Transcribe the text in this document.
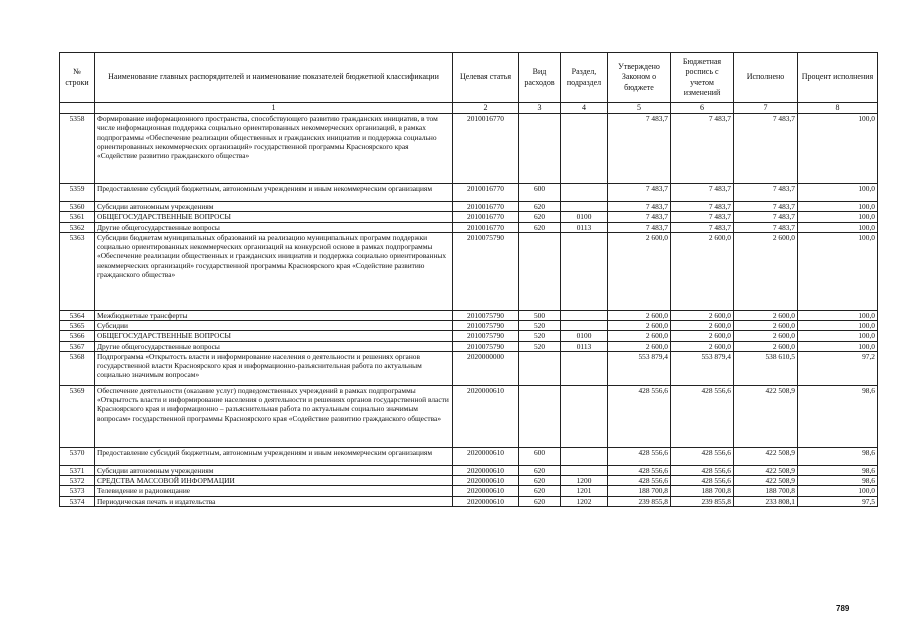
№ строки	Наименование главных распорядителей и наименование показателей бюджетной классификации	Целевая статья	Вид расходов	Раздел, подраздел	Утверждено Законом о бюджете	Бюджетная роспись с учетом изменений	Исполнено	Процент исполнения
	1	2	3	4	5	6	7	8
5358	Формирование информационного пространства, способствующего развитию гражданских инициатив, в том числе информационная поддержка социально ориентированных некоммерческих организаций, в рамках подпрограммы «Обеспечение реализации общественных и гражданских инициатив и поддержка социально ориентированных некоммерческих организаций» государственной программы Красноярского края «Содействие развитию гражданского общества»	2010016770			7 483,7	7 483,7	7 483,7	100,0
5359	Предоставление субсидий бюджетным, автономным учреждениям и иным некоммерческим организациям	2010016770	600		7 483,7	7 483,7	7 483,7	100,0
5360	Субсидии автономным учреждениям	2010016770	620		7 483,7	7 483,7	7 483,7	100,0
5361	ОБЩЕГОСУДАРСТВЕННЫЕ ВОПРОСЫ	2010016770	620	0100	7 483,7	7 483,7	7 483,7	100,0
5362	Другие общегосударственные вопросы	2010016770	620	0113	7 483,7	7 483,7	7 483,7	100,0
5363	Субсидии бюджетам муниципальных образований на реализацию муниципальных программ поддержки социально ориентированных некоммерческих организаций на конкурсной основе в рамках подпрограммы «Обеспечение реализации общественных и гражданских инициатив и поддержка социально ориентированных некоммерческих организаций» государственной программы Красноярского края «Содействие развитию гражданского общества»	2010075790			2 600,0	2 600,0	2 600,0	100,0
5364	Межбюджетные трансферты	2010075790	500		2 600,0	2 600,0	2 600,0	100,0
5365	Субсидии	2010075790	520		2 600,0	2 600,0	2 600,0	100,0
5366	ОБЩЕГОСУДАРСТВЕННЫЕ ВОПРОСЫ	2010075790	520	0100	2 600,0	2 600,0	2 600,0	100,0
5367	Другие общегосударственные вопросы	2010075790	520	0113	2 600,0	2 600,0	2 600,0	100,0
5368	Подпрограмма «Открытость власти и информирование населения о деятельности и решениях органов государственной власти Красноярского края и информационно-разъяснительная работа по актуальным социально значимым вопросам»	2020000000			553 879,4	553 879,4	538 610,5	97,2
5369	Обеспечение деятельности (оказание услуг) подведомственных учреждений в рамках подпрограммы «Открытость власти и информирование населения о деятельности и решениях органов государственной власти Красноярского края и информационно – разъяснительная работа по актуальным социально значимым вопросам» государственной программы Красноярского края «Содействие развитию гражданского общества»	2020000610			428 556,6	428 556,6	422 508,9	98,6
5370	Предоставление субсидий бюджетным, автономным учреждениям и иным некоммерческим организациям	2020000610	600		428 556,6	428 556,6	422 508,9	98,6
5371	Субсидии автономным учреждениям	2020000610	620		428 556,6	428 556,6	422 508,9	98,6
5372	СРЕДСТВА МАССОВОЙ ИНФОРМАЦИИ	2020000610	620	1200	428 556,6	428 556,6	422 508,9	98,6
5373	Телевидение и радиовещание	2020000610	620	1201	188 700,8	188 700,8	188 700,8	100,0
5374	Периодическая печать и издательства	2020000610	620	1202	239 855,8	239 855,8	233 808,1	97,5
789
